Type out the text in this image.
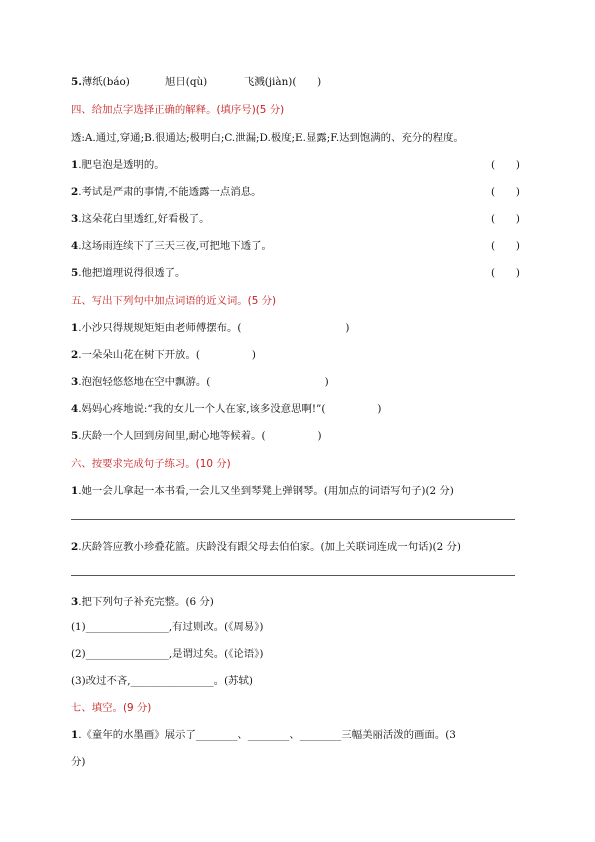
5.薄纸(báo)	旭日(qù)	飞溅(jiàn)(　　)
四、给加点字选择正确的解释。(填序号)(5 分)
透:A.通过,穿通;B.很通达;极明白;C.泄漏;D.极度;E.显露;F.达到饱满的、充分的程度。
1.肥皂泡是透明的。	(　　)
2.考试是严肃的事情,不能透露一点消息。	(　　)
3.这朵花白里透红,好看极了。	(　　)
4.这场雨连续下了三天三夜,可把地下透了。	(　　)
5.他把道理说得很透了。	(　　)
五、写出下列句中加点词语的近义词。(5 分)
1.小沙只得规规矩矩由老师傅摆布。(　　　　　　　　　　)
2.一朵朵山花在树下开放。(　　　　　)
3.泡泡轻悠悠地在空中飘游。(　　　　　　　　　　　)
4.妈妈心疼地说:“我的女儿一个人在家,该多没意思啊!”(　　　　　)
5.庆龄一个人回到房间里,耐心地等候着。(　　　　　)
六、按要求完成句子练习。(10 分)
1.她一会儿拿起一本书看,一会儿又坐到琴凳上弹钢琴。(用加点的词语写句子)(2 分)
2.庆龄答应教小珍叠花篮。庆龄没有跟父母去伯伯家。(加上关联词连成一句话)(2 分)
3.把下列句子补充完整。(6 分)
(1)________________,有过则改。(《周易》)
(2)________________,是谓过矣。(《论语》)
(3)改过不吝,________________。(苏轼)
七、填空。(9 分)
1.《童年的水墨画》展示了________、________、________三幅美丽活泼的画面。(3
分)
